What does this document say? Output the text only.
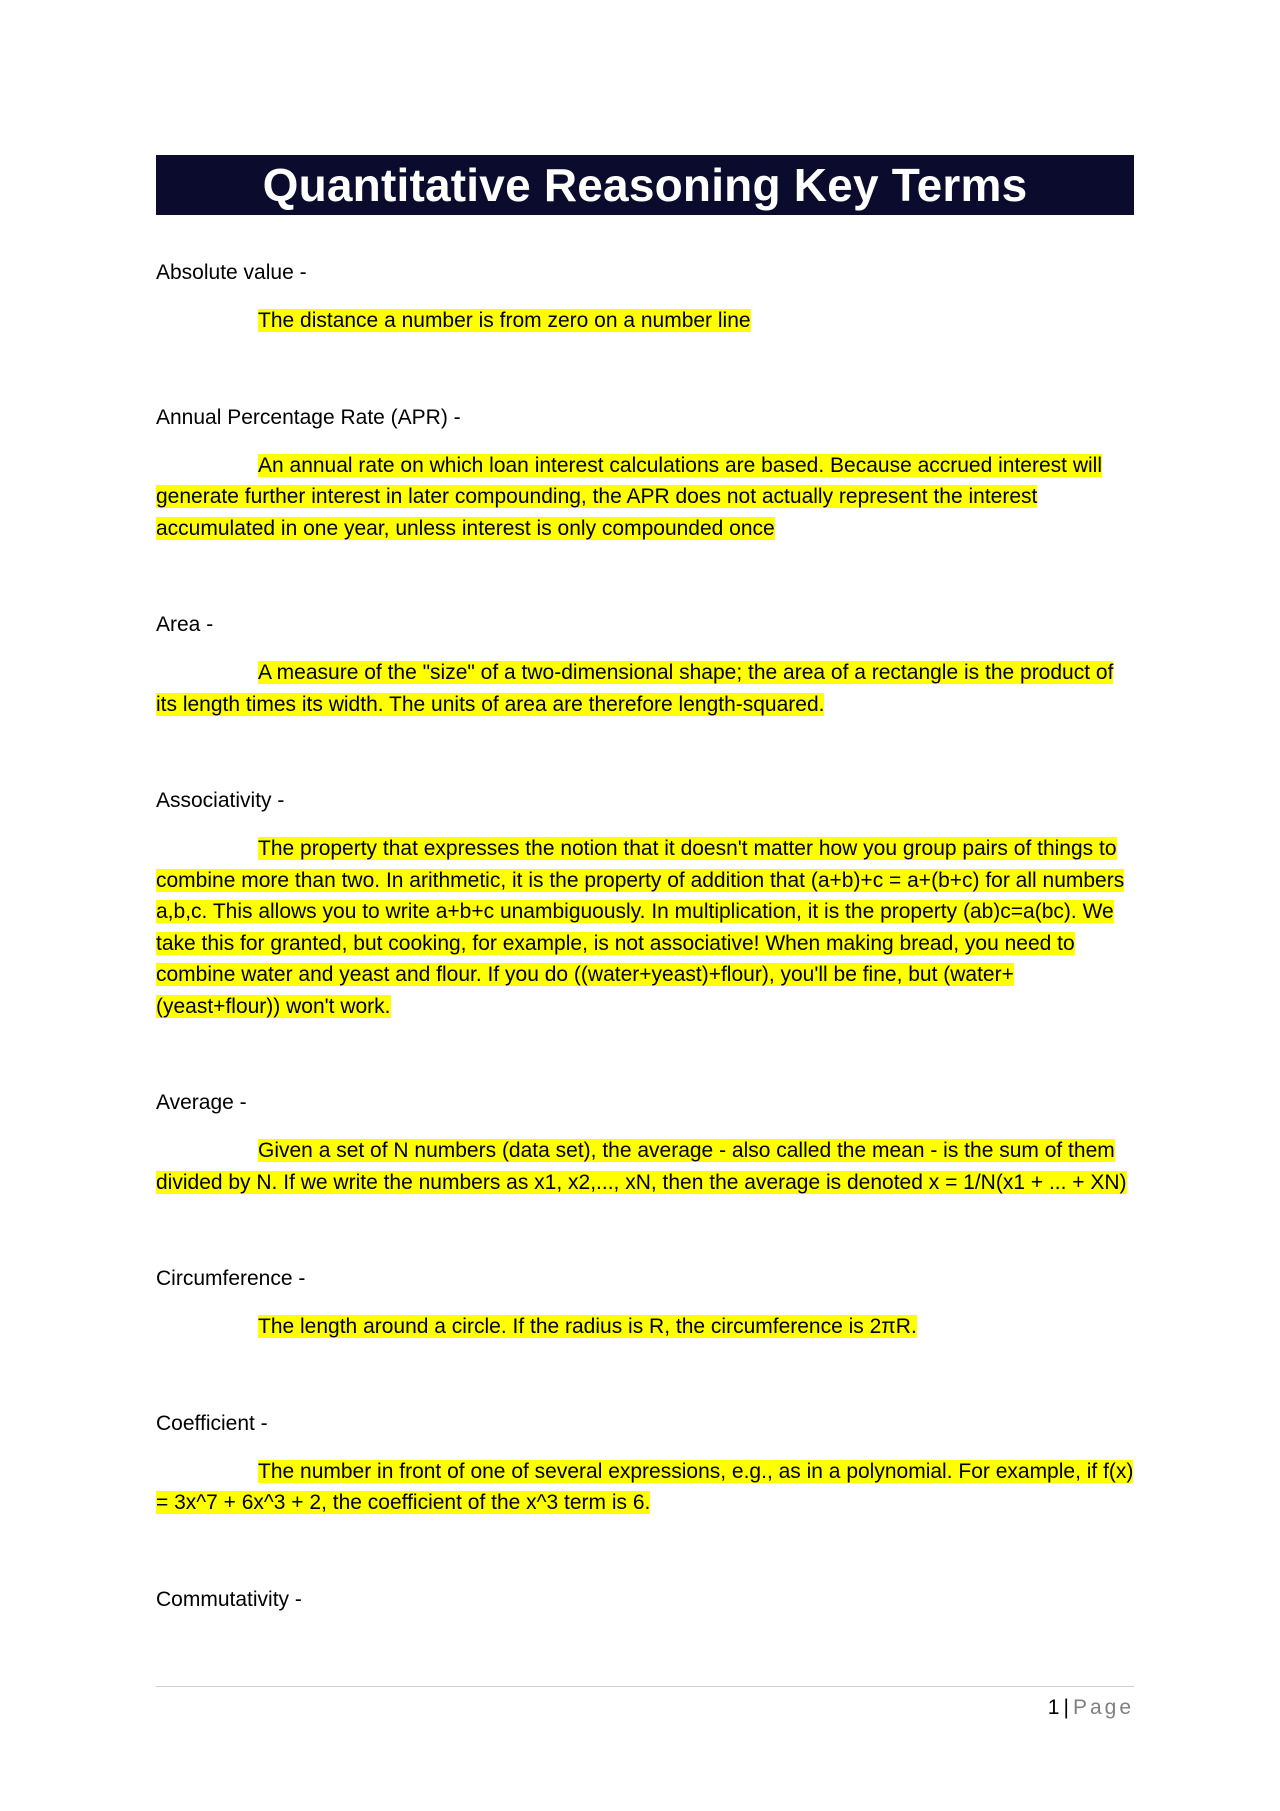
Quantitative Reasoning Key Terms
Absolute value -
The distance a number is from zero on a number line
Annual Percentage Rate (APR) -
An annual rate on which loan interest calculations are based. Because accrued interest will generate further interest in later compounding, the APR does not actually represent the interest accumulated in one year, unless interest is only compounded once
Area -
A measure of the "size" of a two-dimensional shape; the area of a rectangle is the product of its length times its width. The units of area are therefore length-squared.
Associativity -
The property that expresses the notion that it doesn't matter how you group pairs of things to combine more than two. In arithmetic, it is the property of addition that (a+b)+c = a+(b+c) for all numbers a,b,c. This allows you to write a+b+c unambiguously. In multiplication, it is the property (ab)c=a(bc). We take this for granted, but cooking, for example, is not associative! When making bread, you need to combine water and yeast and flour. If you do ((water+yeast)+flour), you'll be fine, but (water+(yeast+flour)) won't work.
Average -
Given a set of N numbers (data set), the average - also called the mean - is the sum of them divided by N. If we write the numbers as x1, x2,..., xN, then the average is denoted x = 1/N(x1 + ... + XN)
Circumference -
The length around a circle. If the radius is R, the circumference is 2πR.
Coefficient -
The number in front of one of several expressions, e.g., as in a polynomial. For example, if f(x) = 3x^7 + 6x^3 + 2, the coefficient of the x^3 term is 6.
Commutativity -
1 | Page
